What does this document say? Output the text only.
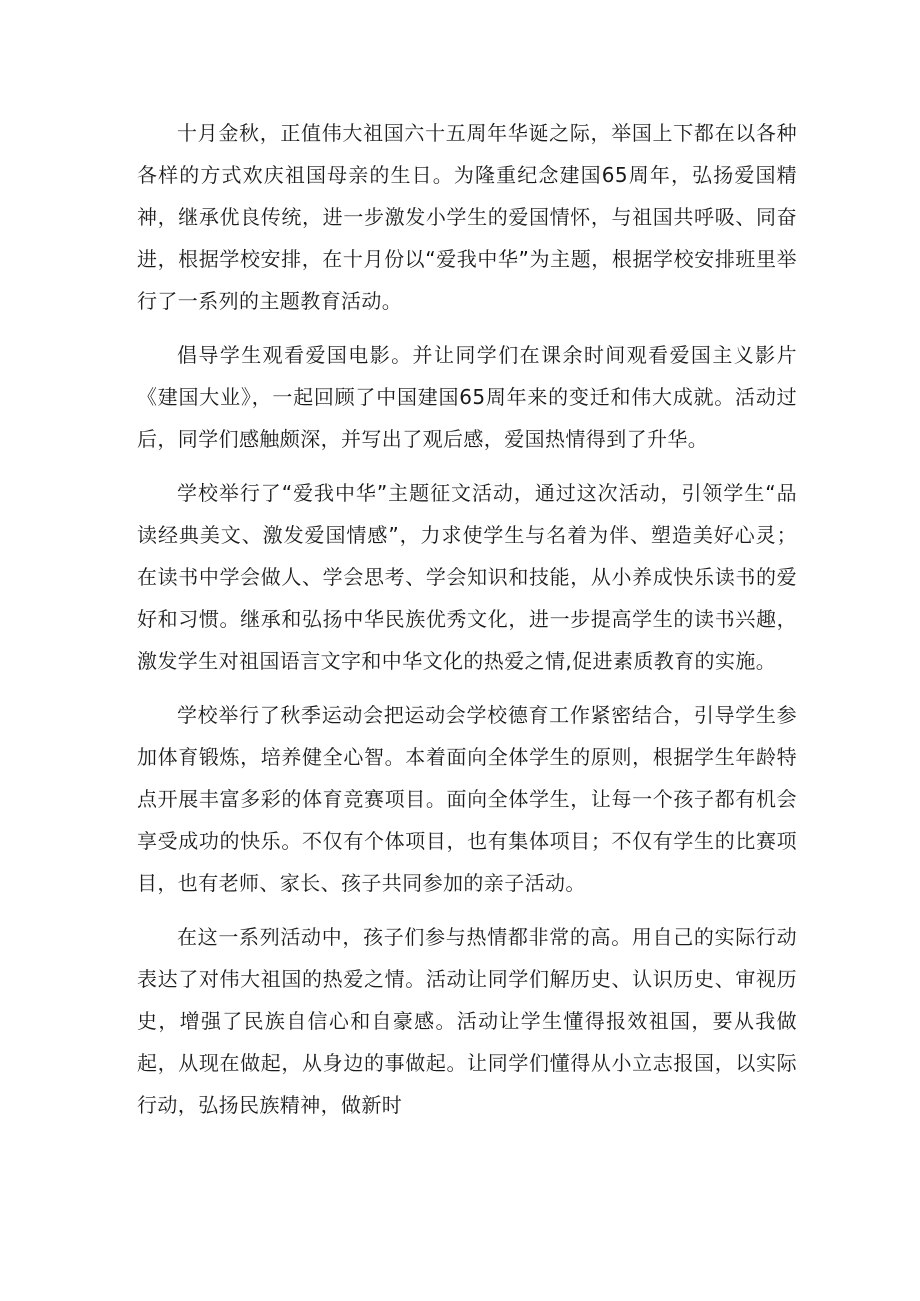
十月金秋，正值伟大祖国六十五周年华诞之际，举国上下都在以各种各样的方式欢庆祖国母亲的生日。为隆重纪念建国65周年，弘扬爱国精神，继承优良传统，进一步激发小学生的爱国情怀，与祖国共呼吸、同奋进，根据学校安排，在十月份以“爱我中华”为主题，根据学校安排班里举行了一系列的主题教育活动。

倡导学生观看爱国电影。并让同学们在课余时间观看爱国主义影片《建国大业》，一起回顾了中国建国65周年来的变迁和伟大成就。活动过后，同学们感触颇深，并写出了观后感，爱国热情得到了升华。

学校举行了“爱我中华”主题征文活动，通过这次活动，引领学生“品读经典美文、激发爱国情感”，力求使学生与名着为伴、塑造美好心灵；在读书中学会做人、学会思考、学会知识和技能，从小养成快乐读书的爱好和习惯。继承和弘扬中华民族优秀文化，进一步提高学生的读书兴趣，激发学生对祖国语言文字和中华文化的热爱之情,促进素质教育的实施。

学校举行了秋季运动会把运动会学校德育工作紧密结合，引导学生参加体育锻炼，培养健全心智。本着面向全体学生的原则，根据学生年龄特点开展丰富多彩的体育竞赛项目。面向全体学生，让每一个孩子都有机会享受成功的快乐。不仅有个体项目，也有集体项目；不仅有学生的比赛项目，也有老师、家长、孩子共同参加的亲子活动。

在这一系列活动中，孩子们参与热情都非常的高。用自己的实际行动表达了对伟大祖国的热爱之情。活动让同学们解历史、认识历史、审视历史，增强了民族自信心和自豪感。活动让学生懂得报效祖国，要从我做起，从现在做起，从身边的事做起。让同学们懂得从小立志报国，以实际行动，弘扬民族精神，做新时
